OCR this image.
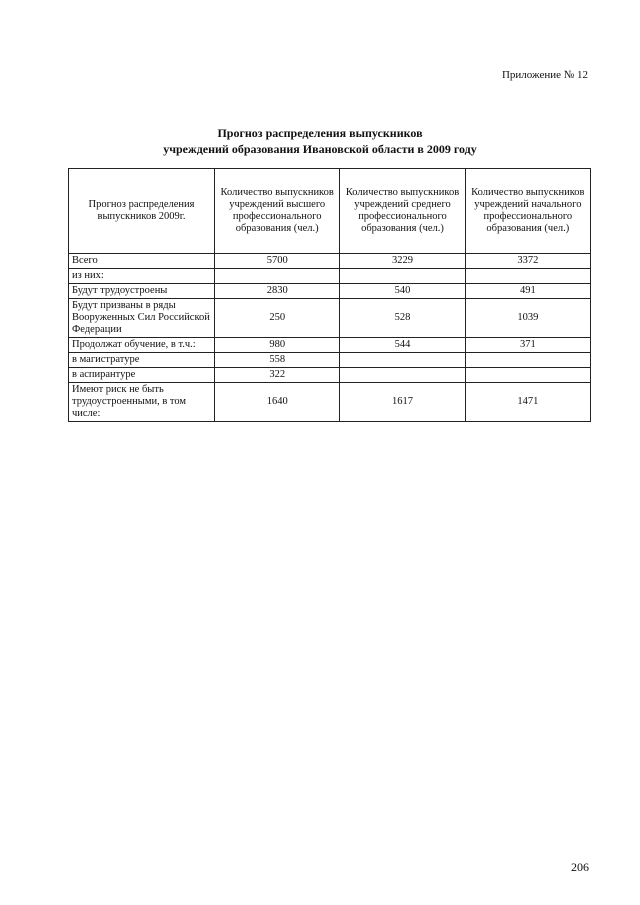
Приложение № 12
Прогноз распределения выпускников
учреждений образования Ивановской области в 2009 году
Прогноз распределения выпускников 2009г.	Количество выпускников учреждений высшего профессионального образования (чел.)	Количество выпускников учреждений среднего профессионального образования (чел.)	Количество выпускников учреждений начального профессионального образования (чел.)
Всего	5700	3229	3372
из них:			
Будут трудоустроены	2830	540	491
Будут призваны в ряды Вооруженных Сил Российской Федерации	250	528	1039
Продолжат обучение, в т.ч.:	980	544	371
в магистратуре	558		
в аспирантуре	322		
Имеют риск не быть трудоустроенными, в том числе:	1640	1617	1471
206
